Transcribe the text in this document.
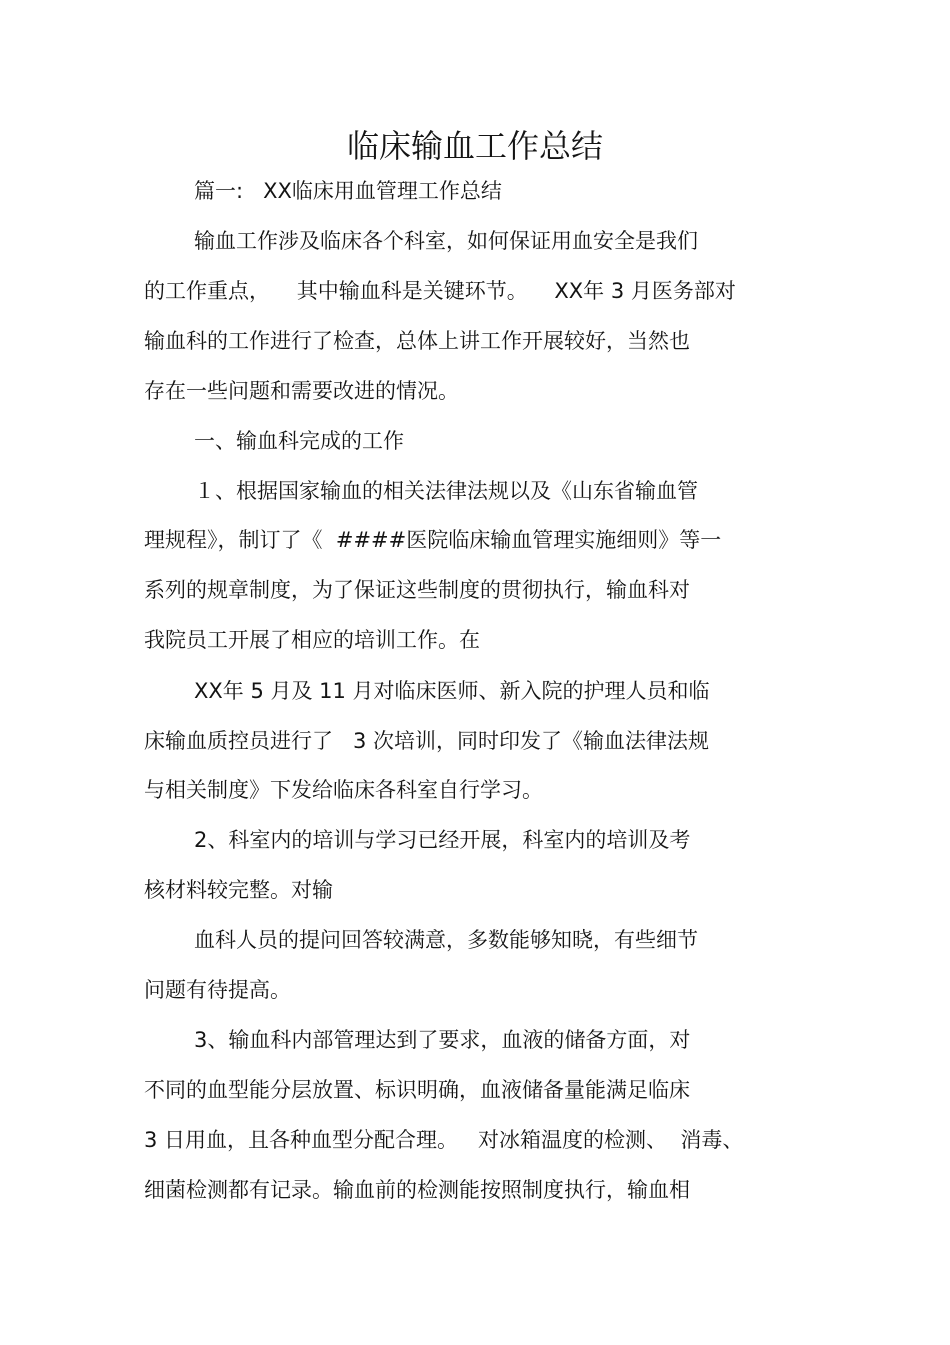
临床输血工作总结
篇一:   XX临床用血管理工作总结
输血工作涉及临床各个科室，如何保证用血安全是我们
的工作重点，    其中输血科是关键环节。    XX年 3 月医务部对
输血科的工作进行了检查，总体上讲工作开展较好，当然也
存在一些问题和需要改进的情况。
一、输血科完成的工作
１、根据国家输血的相关法律法规以及《山东省输血管
理规程》，制订了《  ####医院临床输血管理实施细则》等一
系列的规章制度，为了保证这些制度的贯彻执行，输血科对
我院员工开展了相应的培训工作。在
XX年 5 月及 11 月对临床医师、新入院的护理人员和临
床输血质控员进行了   3 次培训，同时印发了《输血法律法规
与相关制度》下发给临床各科室自行学习。
2、科室内的培训与学习已经开展，科室内的培训及考
核材料较完整。对输
血科人员的提问回答较满意，多数能够知晓，有些细节
问题有待提高。
3、输血科内部管理达到了要求，血液的储备方面，对
不同的血型能分层放置、标识明确，血液储备量能满足临床
3 日用血，且各种血型分配合理。   对冰箱温度的检测、  消毒、
细菌检测都有记录。输血前的检测能按照制度执行，输血相
